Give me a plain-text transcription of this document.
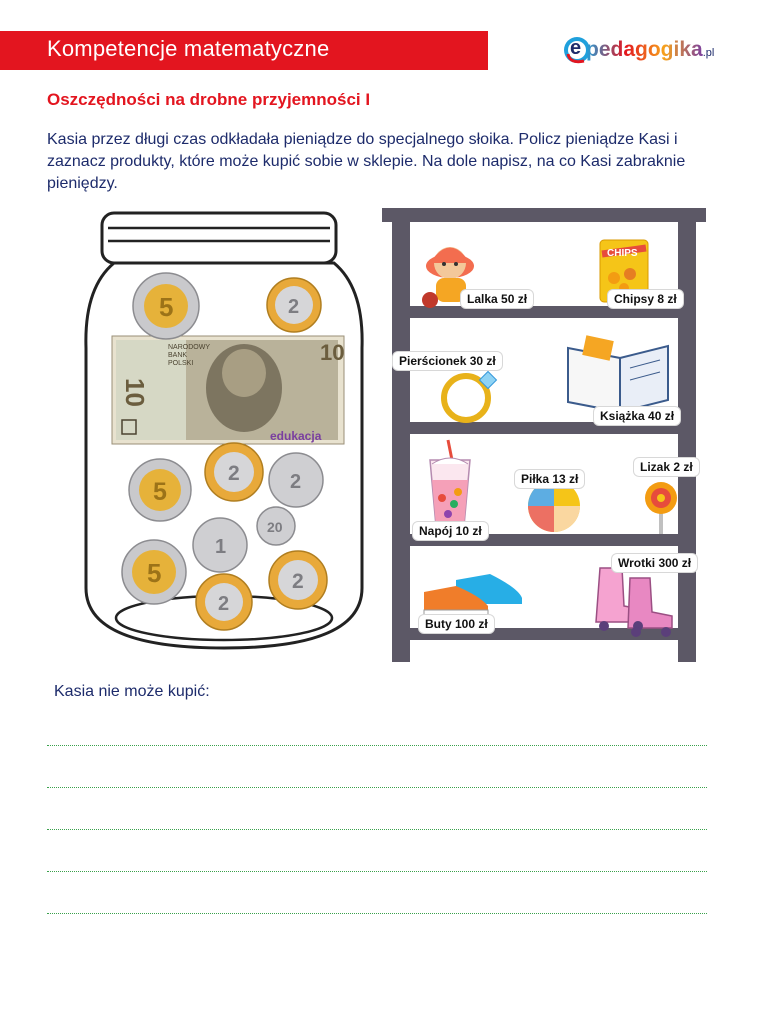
Kompetencje matematyczne	e pedagogika.pl
Oszczędności na drobne przyjemności I
Kasia przez długi czas odkładała pieniądze do specjalnego słoika. Policz pieniądze Kasi i zaznacz produkty, które może kupić sobie w sklepie. Na dole napisz, na co Kasi zabraknie pieniędzy.
10
10
NARODOWY
BANK
POLSKI
edukacja
5	2
5
2	2
1
20
5
2
2
CHIPS
Lalka 50 zł	Chipsy 8 zł
Pierścionek 30 zł
Książka 40 zł
Napój 10 zł
Piłka 13 zł
Lizak 2 zł
Buty 100 zł
Wrotki 300 zł
Kasia nie może kupić:
